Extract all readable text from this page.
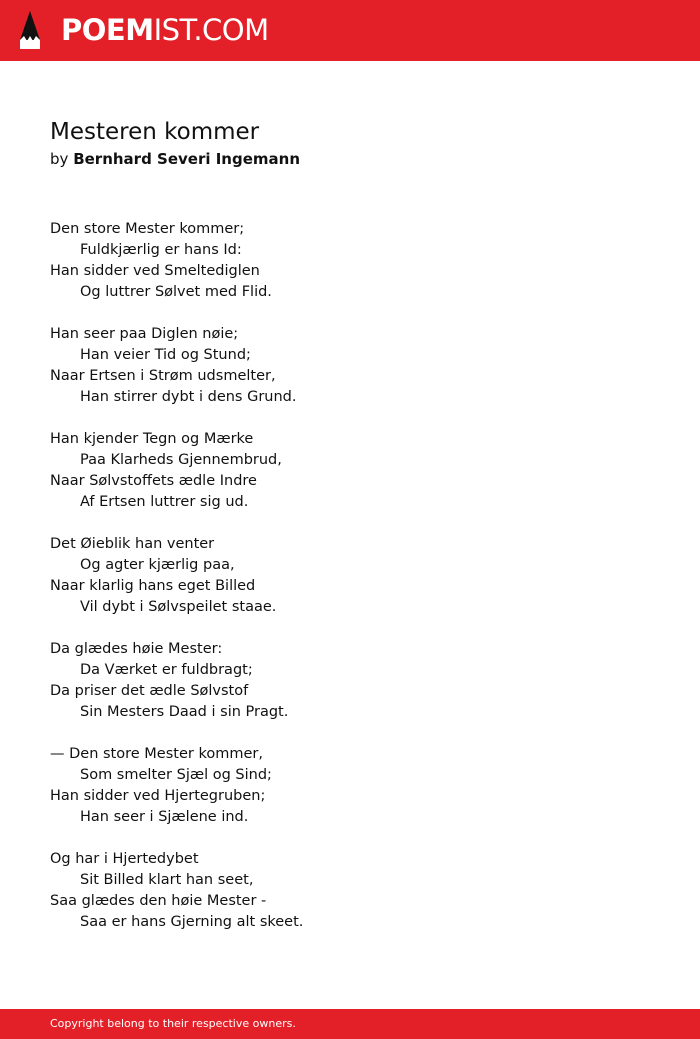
POEMIST.COM
Mesteren kommer
by Bernhard Severi Ingemann
Den store Mester kommer;
Fuldkjærlig er hans Id:
Han sidder ved Smeltediglen
Og luttrer Sølvet med Flid.
Han seer paa Diglen nøie;
Han veier Tid og Stund;
Naar Ertsen i Strøm udsmelter,
Han stirrer dybt i dens Grund.
Han kjender Tegn og Mærke
Paa Klarheds Gjennembrud,
Naar Sølvstoffets ædle Indre
Af Ertsen luttrer sig ud.
Det Øieblik han venter
Og agter kjærlig paa,
Naar klarlig hans eget Billed
Vil dybt i Sølvspeilet staae.
Da glædes høie Mester:
Da Værket er fuldbragt;
Da priser det ædle Sølvstof
Sin Mesters Daad i sin Pragt.
— Den store Mester kommer,
Som smelter Sjæl og Sind;
Han sidder ved Hjertegruben;
Han seer i Sjælene ind.
Og har i Hjertedybet
Sit Billed klart han seet,
Saa glædes den høie Mester -
Saa er hans Gjerning alt skeet.
Copyright belong to their respective owners.
